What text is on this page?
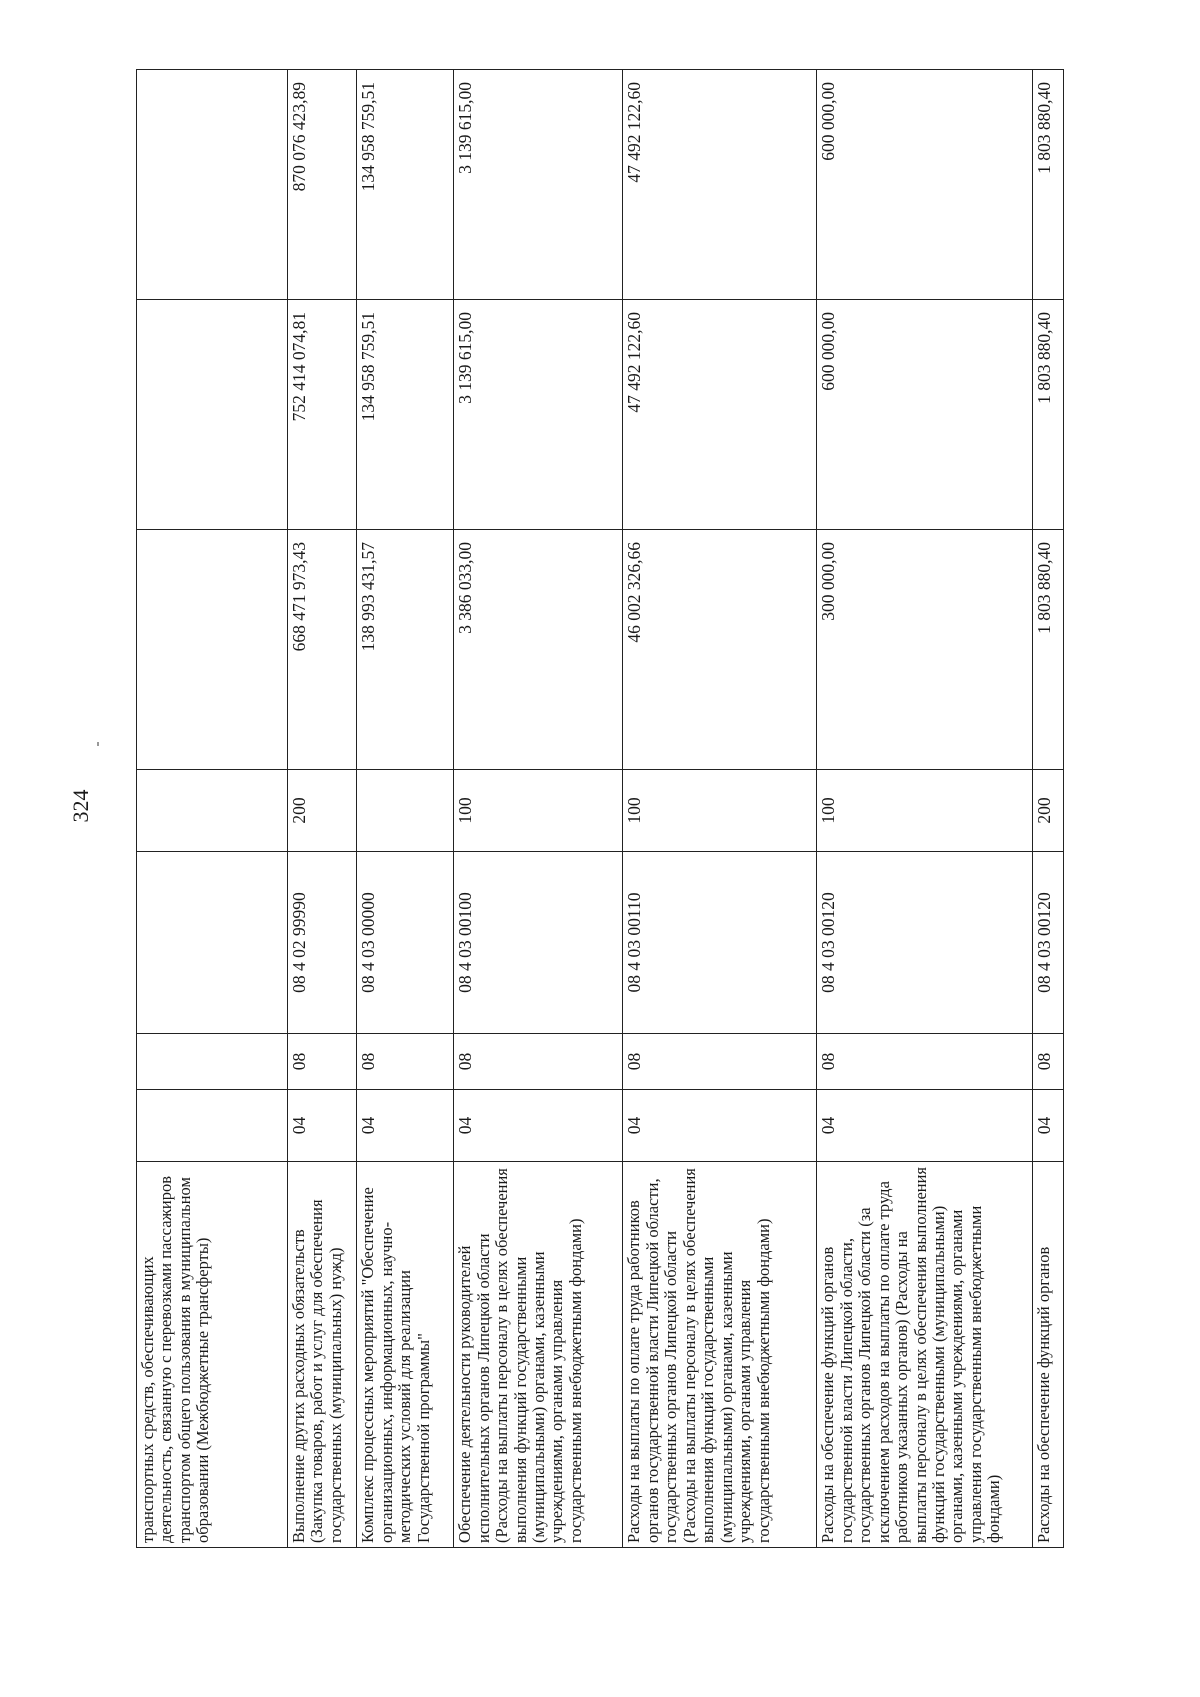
324
транспортных средств, обеспечивающих деятельность, связанную с перевозками пассажиров транспортом общего пользования в муниципальном образовании (Межбюджетные трансферты)							
Выполнение других расходных обязательств (Закупка товаров, работ и услуг для обеспечения государственных (муниципальных) нужд)	04	08	08 4 02 99990	200	668 471 973,43	752 414 074,81	870 076 423,89
Комплекс процессных мероприятий "Обеспечение организационных, информационных, научно-методических условий для реализации Государственной программы"	04	08	08 4 03 00000		138 993 431,57	134 958 759,51	134 958 759,51
Обеспечение деятельности руководителей исполнительных органов Липецкой области (Расходы на выплаты персоналу в целях обеспечения выполнения функций государственными (муниципальными) органами, казенными учреждениями, органами управления государственными внебюджетными фондами)	04	08	08 4 03 00100	100	3 386 033,00	3 139 615,00	3 139 615,00
Расходы на выплаты по оплате труда работников органов государственной власти Липецкой области, государственных органов Липецкой области (Расходы на выплаты персоналу в целях обеспечения выполнения функций государственными (муниципальными) органами, казенными учреждениями, органами управления государственными внебюджетными фондами)	04	08	08 4 03 00110	100	46 002 326,66	47 492 122,60	47 492 122,60
Расходы на обеспечение функций органов государственной власти Липецкой области, государственных органов Липецкой области (за исключением расходов на выплаты по оплате труда работников указанных органов) (Расходы на выплаты персоналу в целях обеспечения выполнения функций государственными (муниципальными) органами, казенными учреждениями, органами управления государственными внебюджетными фондами)	04	08	08 4 03 00120	100	300 000,00	600 000,00	600 000,00
Расходы на обеспечение функций органов	04	08	08 4 03 00120	200	1 803 880,40	1 803 880,40	1 803 880,40
